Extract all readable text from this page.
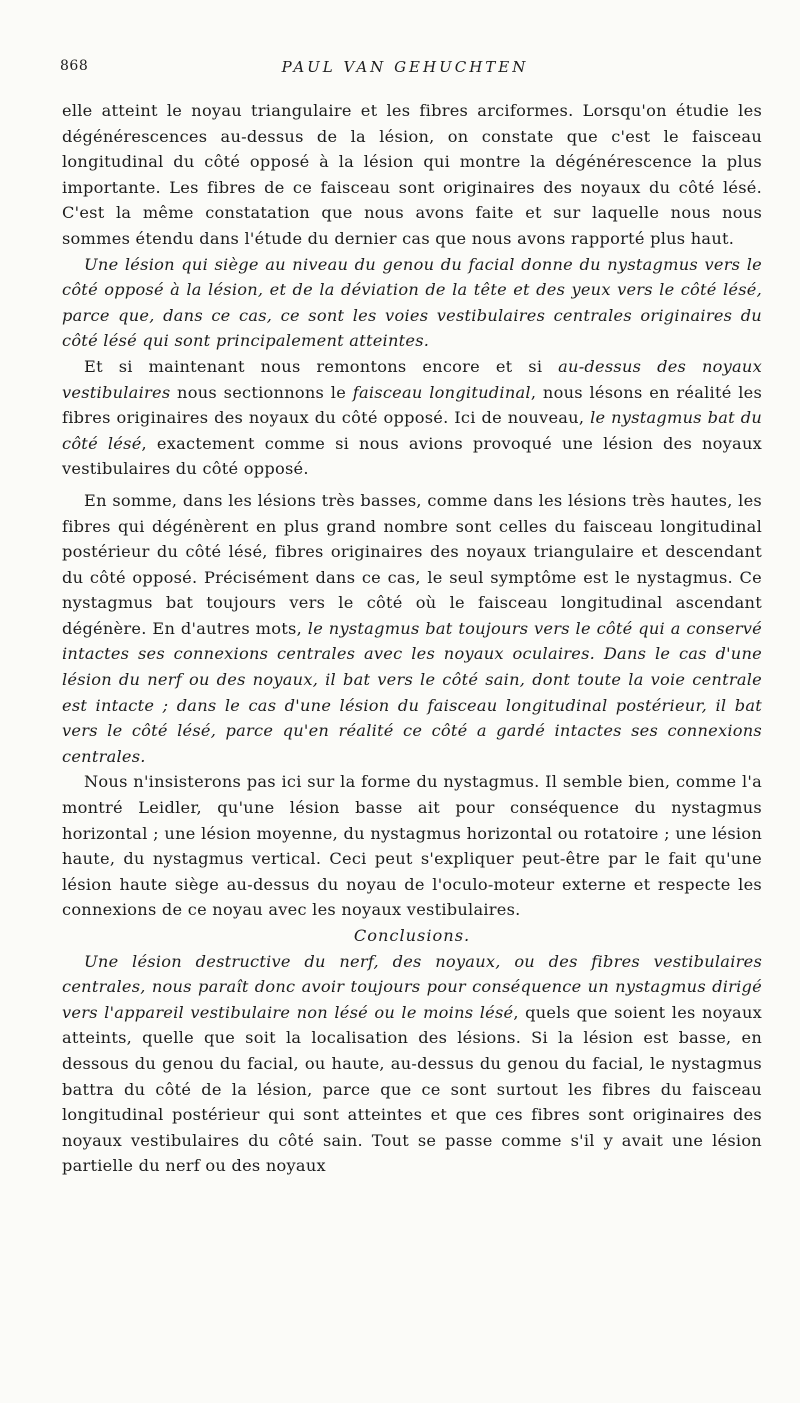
868	PAUL VAN GEHUCHTEN

elle atteint le noyau triangulaire et les fibres arciformes. Lorsqu'on étudie les dégénérescences au-dessus de la lésion, on constate que c'est le faisceau longitudinal du côté opposé à la lésion qui montre la dégénérescence la plus importante. Les fibres de ce faisceau sont originaires des noyaux du côté lésé. C'est la même constatation que nous avons faite et sur laquelle nous nous sommes étendu dans l'étude du dernier cas que nous avons rapporté plus haut.

Une lésion qui siège au niveau du genou du facial donne du nystagmus vers le côté opposé à la lésion, et de la déviation de la tête et des yeux vers le côté lésé, parce que, dans ce cas, ce sont les voies vestibulaires centrales originaires du côté lésé qui sont principalement atteintes.

Et si maintenant nous remontons encore et si au-dessus des noyaux vestibulaires nous sectionnons le faisceau longitudinal, nous lésons en réalité les fibres originaires des noyaux du côté opposé. Ici de nouveau, le nystagmus bat du côté lésé, exactement comme si nous avions provoqué une lésion des noyaux vestibulaires du côté opposé.

En somme, dans les lésions très basses, comme dans les lésions très hautes, les fibres qui dégénèrent en plus grand nombre sont celles du faisceau longitudinal postérieur du côté lésé, fibres originaires des noyaux triangulaire et descendant du côté opposé. Précisément dans ce cas, le seul symptôme est le nystagmus. Ce nystagmus bat toujours vers le côté où le faisceau longitudinal ascendant dégénère. En d'autres mots, le nystagmus bat toujours vers le côté qui a conservé intactes ses connexions centrales avec les noyaux oculaires. Dans le cas d'une lésion du nerf ou des noyaux, il bat vers le côté sain, dont toute la voie centrale est intacte ; dans le cas d'une lésion du faisceau longitudinal postérieur, il bat vers le côté lésé, parce qu'en réalité ce côté a gardé intactes ses connexions centrales.

Nous n'insisterons pas ici sur la forme du nystagmus. Il semble bien, comme l'a montré Leidler, qu'une lésion basse ait pour conséquence du nystagmus horizontal ; une lésion moyenne, du nystagmus horizontal ou rotatoire ; une lésion haute, du nystagmus vertical. Ceci peut s'expliquer peut-être par le fait qu'une lésion haute siège au-dessus du noyau de l'oculo-moteur externe et respecte les connexions de ce noyau avec les noyaux vestibulaires.

Conclusions.

Une lésion destructive du nerf, des noyaux, ou des fibres vestibulaires centrales, nous paraît donc avoir toujours pour conséquence un nystagmus dirigé vers l'appareil vestibulaire non lésé ou le moins lésé, quels que soient les noyaux atteints, quelle que soit la localisation des lésions. Si la lésion est basse, en dessous du genou du facial, ou haute, au-dessus du genou du facial, le nystagmus battra du côté de la lésion, parce que ce sont surtout les fibres du faisceau longitudinal postérieur qui sont atteintes et que ces fibres sont originaires des noyaux vestibulaires du côté sain. Tout se passe comme s'il y avait une lésion partielle du nerf ou des noyaux
